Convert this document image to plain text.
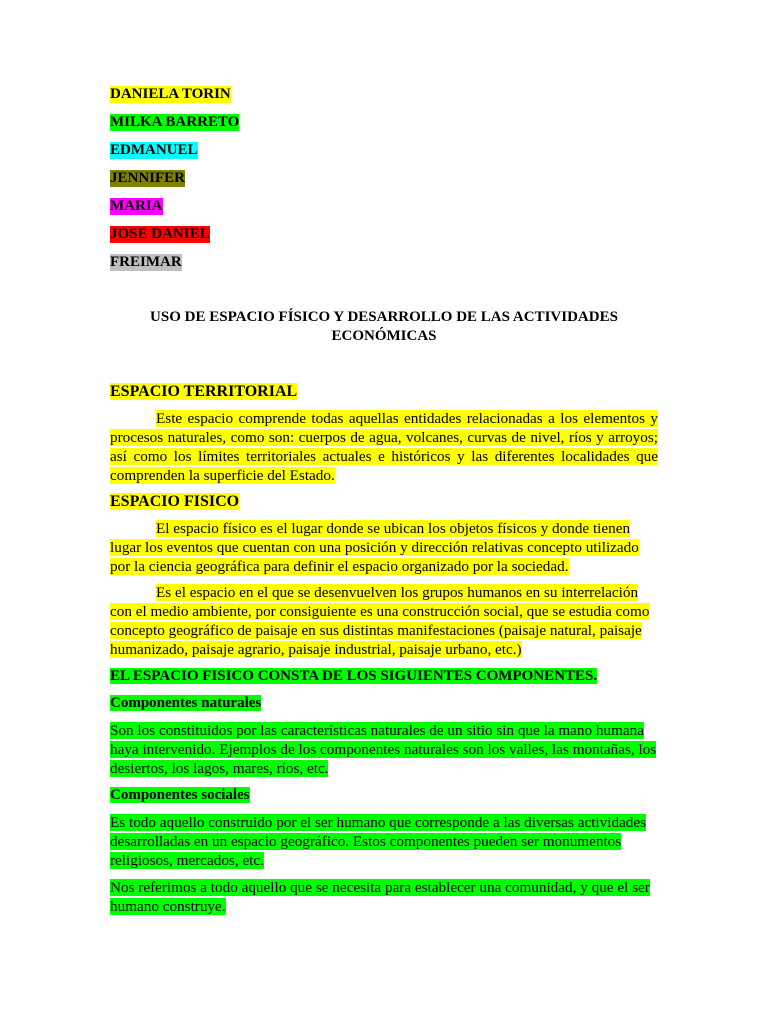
DANIELA TORIN
MILKA BARRETO
EDMANUEL
JENNIFER
MARIA
JOSE DANIEL
FREIMAR
USO DE ESPACIO FÍSICO Y DESARROLLO DE LAS ACTIVIDADES
ECONÓMICAS
ESPACIO TERRITORIAL
Este espacio comprende todas aquellas entidades relacionadas a los elementos y procesos naturales, como son: cuerpos de agua, volcanes, curvas de nivel, ríos y arroyos; así como los límites territoriales actuales e históricos y las diferentes localidades que comprenden la superficie del Estado.
ESPACIO FISICO
El espacio físico es el lugar donde se ubican los objetos físicos y donde tienen lugar los eventos que cuentan con una posición y dirección relativas concepto utilizado por la ciencia geográfica para definir el espacio organizado por la sociedad.
Es el espacio en el que se desenvuelven los grupos humanos en su interrelación con el medio ambiente, por consiguiente es una construcción social, que se estudia como concepto geográfico de paisaje en sus distintas manifestaciones (paisaje natural, paisaje humanizado, paisaje agrario, paisaje industrial, paisaje urbano, etc.)
EL ESPACIO FISICO CONSTA DE LOS SIGUIENTES COMPONENTES.
Componentes naturales
Son los constituidos por las características naturales de un sitio sin que la mano humana haya intervenido. Ejemplos de los componentes naturales son los valles, las montañas, los desiertos, los lagos, mares, ríos, etc.
Componentes sociales
Es todo aquello construido por el ser humano que corresponde a las diversas actividades desarrolladas en un espacio geográfico. Estos componentes pueden ser monumentos religiosos, mercados, etc.
Nos referimos a todo aquello que se necesita para establecer una comunidad, y que el ser humano construye.
